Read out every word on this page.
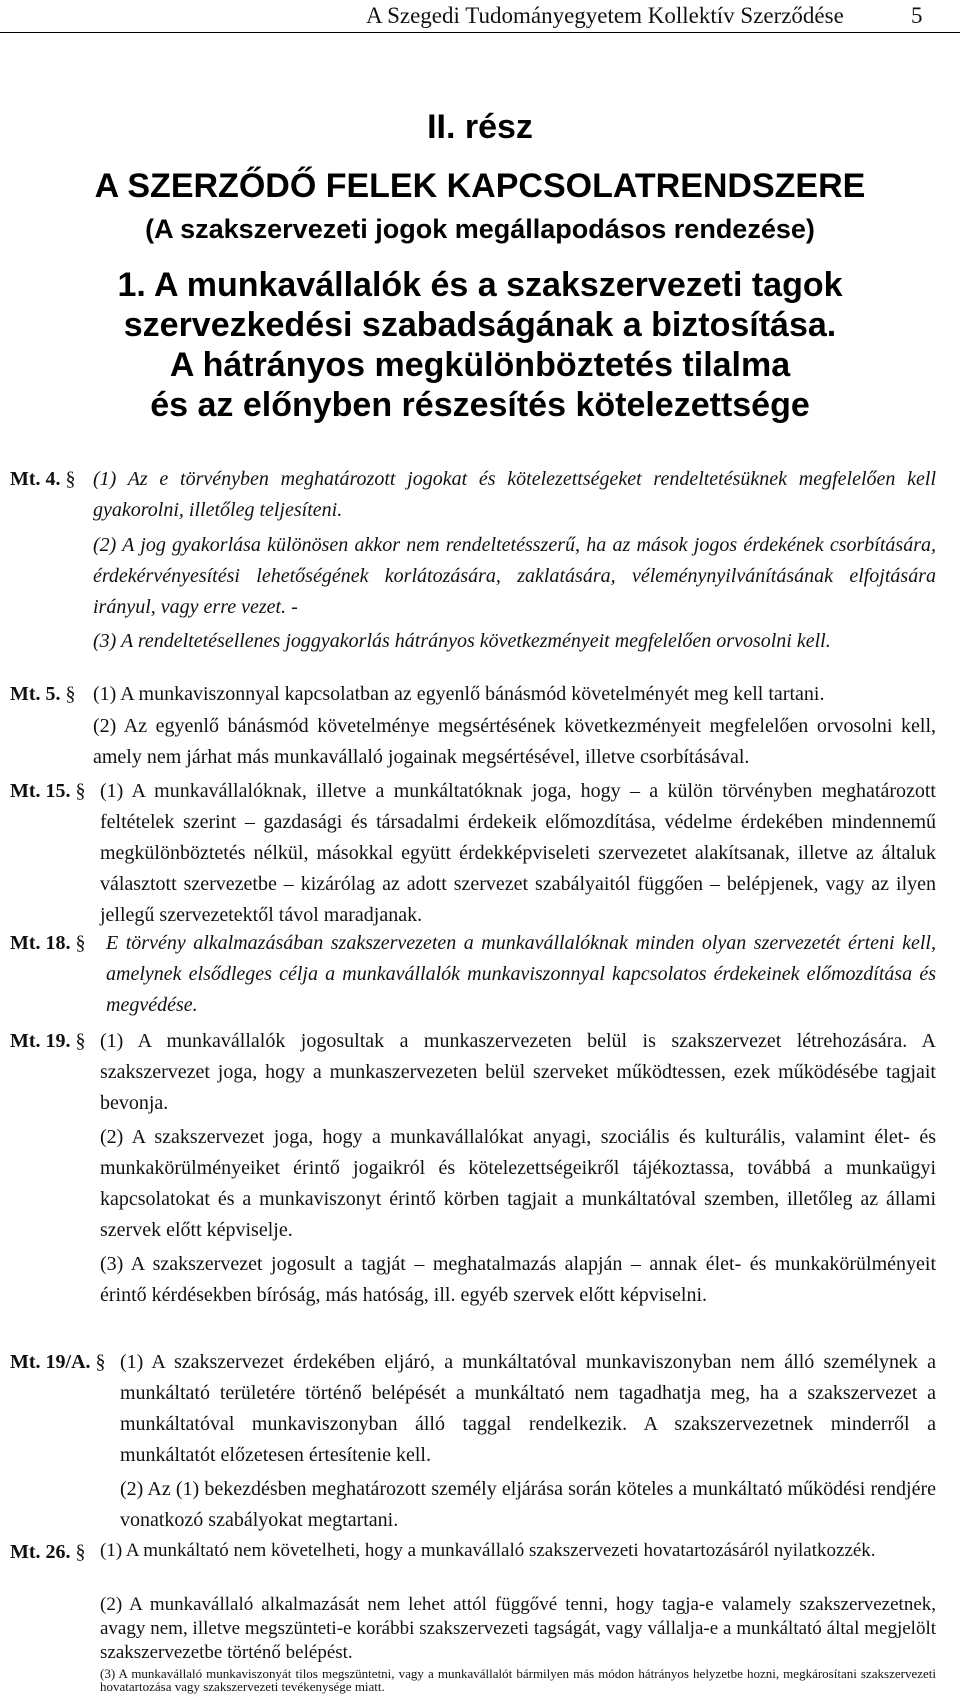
A Szegedi Tudományegyetem Kollektív Szerződése	5
II. rész
A SZERZŐDŐ FELEK KAPCSOLATRENDSZERE
(A szakszervezeti jogok megállapodásos rendezése)
1. A munkavállalók és a szakszervezeti tagok
szervezkedési szabadságának a biztosítása.
A hátrányos megkülönböztetés tilalma
és az előnyben részesítés kötelezettsége
Mt. 4. § (1) Az e törvényben meghatározott jogokat és kötelezettségeket rendeltetésüknek megfelelően kell gyakorolni, illetőleg teljesíteni.

(2) A jog gyakorlása különösen akkor nem rendeltetésszerű, ha az mások jogos érdekének csorbítására, érdekérvényesítési lehetőségének korlátozására, zaklatására, véleménynyilvánításának elfojtására irányul, vagy erre vezet. -

(3) A rendeltetésellenes joggyakorlás hátrányos következményeit megfelelően orvosolni kell.

Mt. 5. § (1) A munkaviszonnyal kapcsolatban az egyenlő bánásmód követelményét meg kell tartani.

(2) Az egyenlő bánásmód követelménye megsértésének következményeit megfelelően orvosolni kell, amely nem járhat más munkavállaló jogainak megsértésével, illetve csorbításával.

Mt. 15. § (1) A munkavállalóknak, illetve a munkáltatóknak joga, hogy – a külön törvényben meghatározott feltételek szerint – gazdasági és társadalmi érdekeik előmozdítása, védelme érdekében mindennemű megkülönböztetés nélkül, másokkal együtt érdekképviseleti szervezetet alakítsanak, illetve az általuk választott szervezetbe – kizárólag az adott szervezet szabályaitól függően – belépjenek, vagy az ilyen jellegű szervezetektől távol maradjanak.

Mt. 18. § E törvény alkalmazásában szakszervezeten a munkavállalóknak minden olyan szervezetét érteni kell, amelynek elsődleges célja a munkavállalók munkaviszonnyal kapcsolatos érdekeinek előmozdítása és megvédése.

Mt. 19. § (1) A munkavállalók jogosultak a munkaszervezeten belül is szakszervezet létrehozására. A szakszervezet joga, hogy a munkaszervezeten belül szerveket működtessen, ezek működésébe tagjait bevonja.

(2) A szakszervezet joga, hogy a munkavállalókat anyagi, szociális és kulturális, valamint élet- és munkakörülményeiket érintő jogaikról és kötelezettségeikről tájékoztassa, továbbá a munkaügyi kapcsolatokat és a munkaviszonyt érintő körben tagjait a munkáltatóval szemben, illetőleg az állami szervek előtt képviselje.

(3) A szakszervezet jogosult a tagját – meghatalmazás alapján – annak élet- és munkakörülményeit érintő kérdésekben bíróság, más hatóság, ill. egyéb szervek előtt képviselni.

Mt. 19/A. § (1) A szakszervezet érdekében eljáró, a munkáltatóval munkaviszonyban nem álló személynek a munkáltató területére történő belépését a munkáltató nem tagadhatja meg, ha a szakszervezet a munkáltatóval munkaviszonyban álló taggal rendelkezik. A szakszervezetnek minderről a munkáltatót előzetesen értesítenie kell.

(2) Az (1) bekezdésben meghatározott személy eljárása során köteles a munkáltató működési rendjére vonatkozó szabályokat megtartani.

Mt. 26. § (1) A munkáltató nem követelheti, hogy a munkavállaló szakszervezeti hovatartozásáról nyilatkozzék.

(2) A munkavállaló alkalmazását nem lehet attól függővé tenni, hogy tagja-e valamely szakszervezetnek, avagy nem, illetve megszünteti-e korábbi szakszervezeti tagságát, vagy vállalja-e a munkáltató által megjelölt szakszervezetbe történő belépést.

(3) A munkavállaló munkaviszonyát tilos megszüntetni, vagy a munkavállalót bármilyen más módon hátrányos helyzetbe hozni, megkárosítani szakszervezeti hovatartozása vagy szakszervezeti tevékenysége miatt.
